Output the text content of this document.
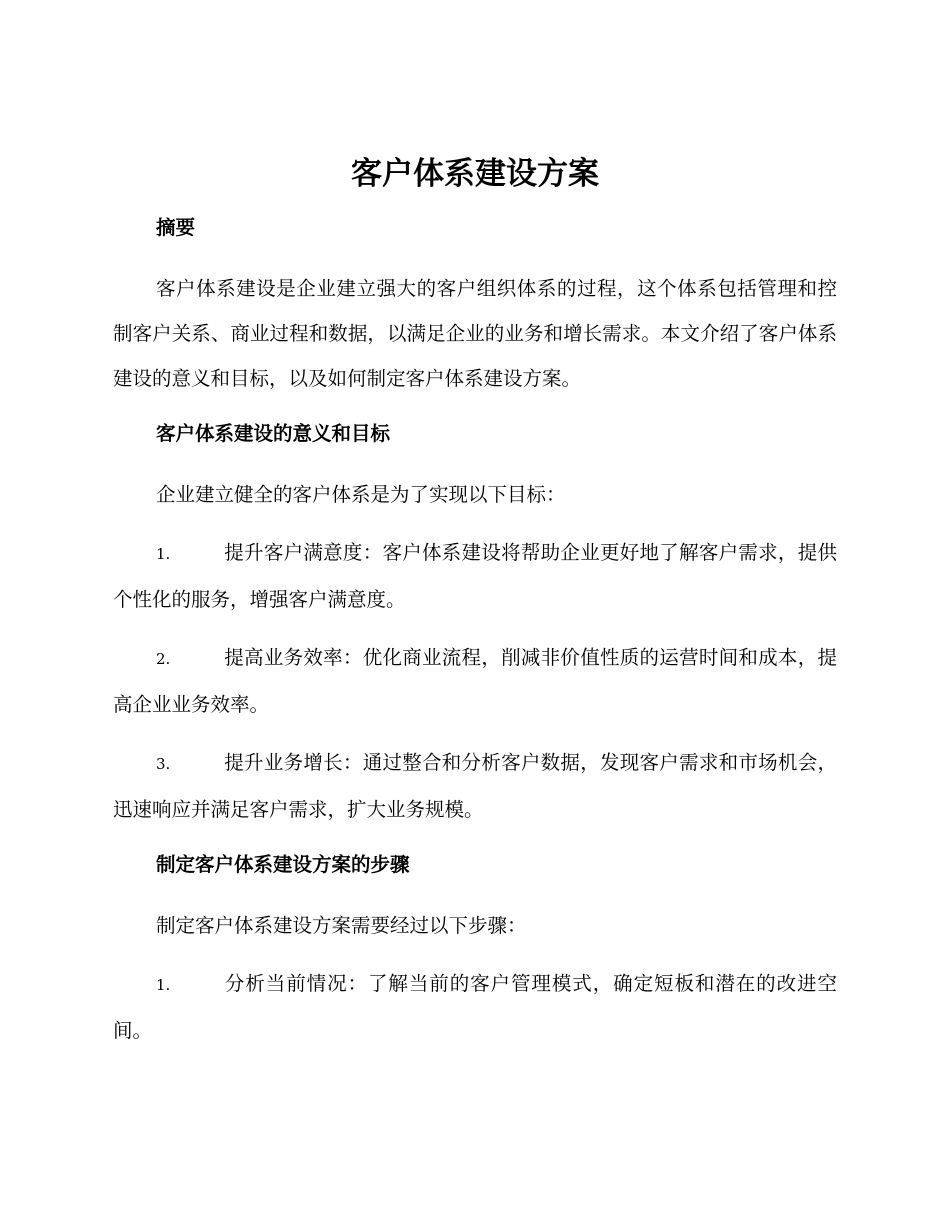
客户体系建设方案
摘要

客户体系建设是企业建立强大的客户组织体系的过程，这个体系包括管理和控制客户关系、商业过程和数据，以满足企业的业务和增长需求。本文介绍了客户体系建设的意义和目标，以及如何制定客户体系建设方案。

客户体系建设的意义和目标

企业建立健全的客户体系是为了实现以下目标：

1.	提升客户满意度：客户体系建设将帮助企业更好地了解客户需求，提供个性化的服务，增强客户满意度。

2.	提高业务效率：优化商业流程，削减非价值性质的运营时间和成本，提高企业业务效率。

3.	提升业务增长：通过整合和分析客户数据，发现客户需求和市场机会，迅速响应并满足客户需求，扩大业务规模。

制定客户体系建设方案的步骤

制定客户体系建设方案需要经过以下步骤：

1.	分析当前情况：了解当前的客户管理模式，确定短板和潜在的改进空间。
